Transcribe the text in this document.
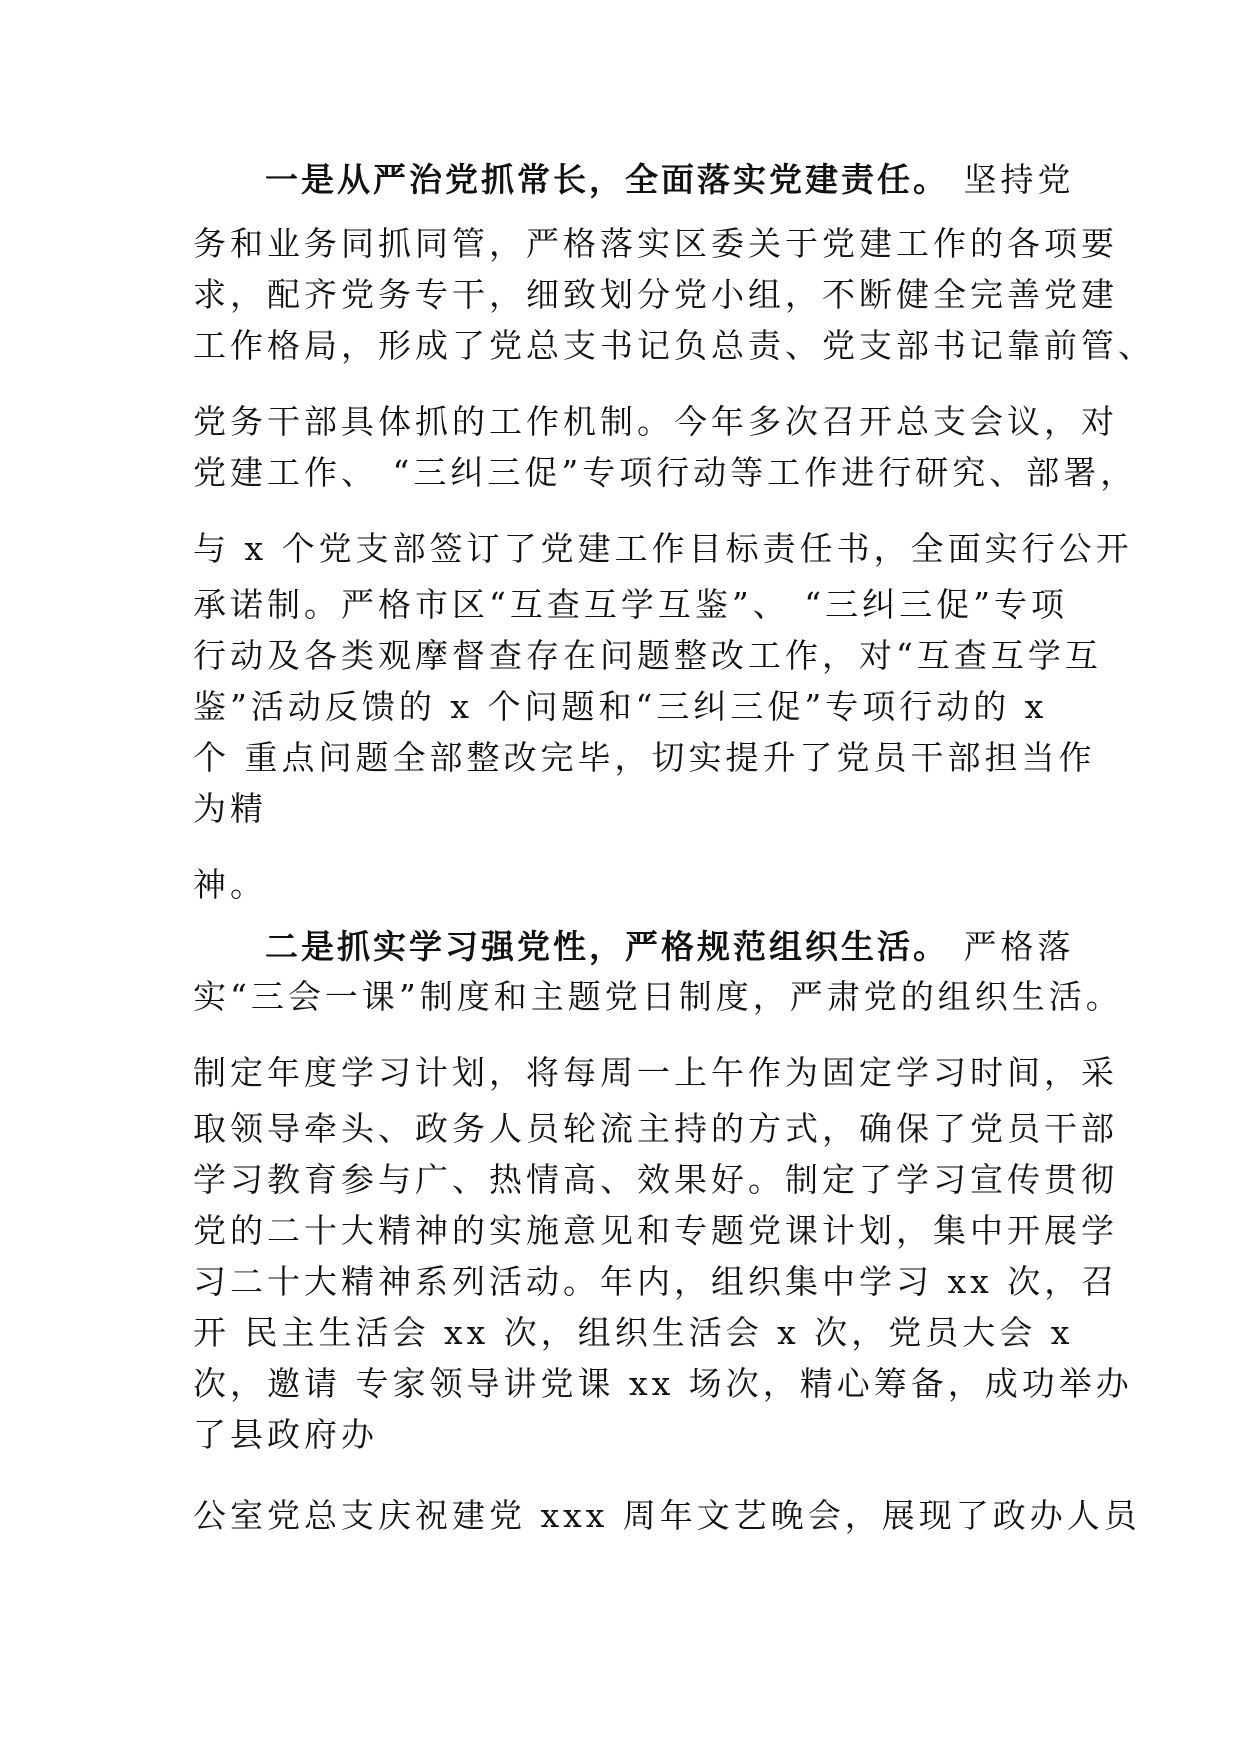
一是从严治党抓常长，全面落实党建责任。 坚持党
务和业务同抓同管，严格落实区委关于党建工作的各项要
求，配齐党务专干，细致划分党小组，不断健全完善党建
工作格局，形成了党总支书记负总责、党支部书记靠前管、
党务干部具体抓的工作机制。今年多次召开总支会议，对
党建工作、 “三纠三促”专项行动等工作进行研究、部署，
与 x 个党支部签订了党建工作目标责任书，全面实行公开
承诺制。严格市区“互查互学互鉴”、 “三纠三促”专项
行动及各类观摩督查存在问题整改工作，对“互查互学互
鉴”活动反馈的 x 个问题和“三纠三促”专项行动的 x
个 重点问题全部整改完毕，切实提升了党员干部担当作
为精
神。
二是抓实学习强党性，严格规范组织生活。 严格落
实“三会一课”制度和主题党日制度，严肃党的组织生活。
制定年度学习计划，将每周一上午作为固定学习时间，采
取领导牵头、政务人员轮流主持的方式，确保了党员干部
学习教育参与广、热情高、效果好。制定了学习宣传贯彻
党的二十大精神的实施意见和专题党课计划，集中开展学
习二十大精神系列活动。年内，组织集中学习 xx 次，召
开 民主生活会 xx 次，组织生活会 x 次，党员大会 x
次，邀请 专家领导讲党课 xx 场次，精心筹备，成功举办
了县政府办
公室党总支庆祝建党 xxx 周年文艺晚会，展现了政办人员
